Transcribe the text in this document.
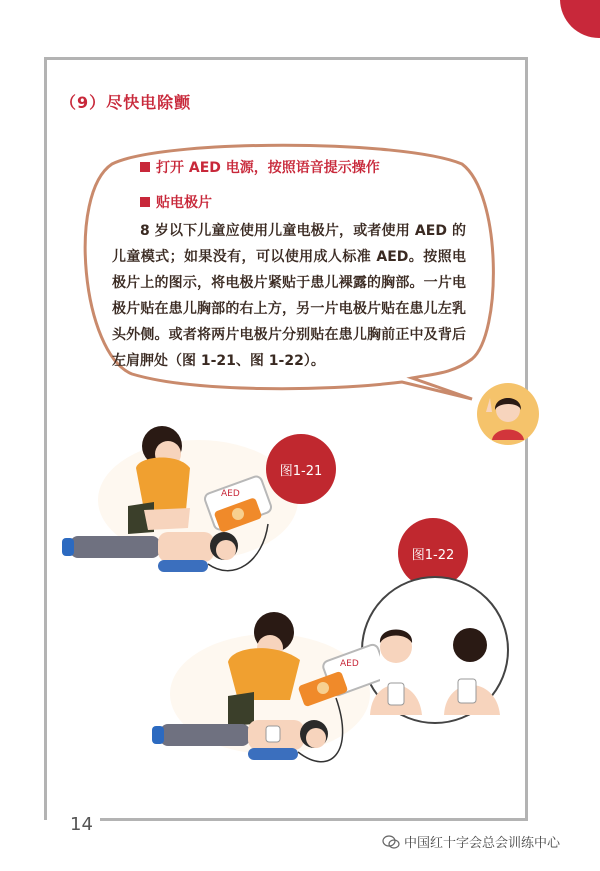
14
（9）尽快电除颤
打开 AED 电源，按照语音提示操作
贴电极片
8 岁以下儿童应使用儿童电极片，或者使用 AED 的儿童模式；如果没有，可以使用成人标准 AED。按照电极片上的图示，将电极片紧贴于患儿裸露的胸部。一片电极片贴在患儿胸部的右上方，另一片电极片贴在患儿左乳头外侧。或者将两片电极片分别贴在患儿胸前正中及背后左肩胛处（图 1-21、图 1-22）。
AED
图1-21
图1-22
AED
中国红十字会总会训练中心
